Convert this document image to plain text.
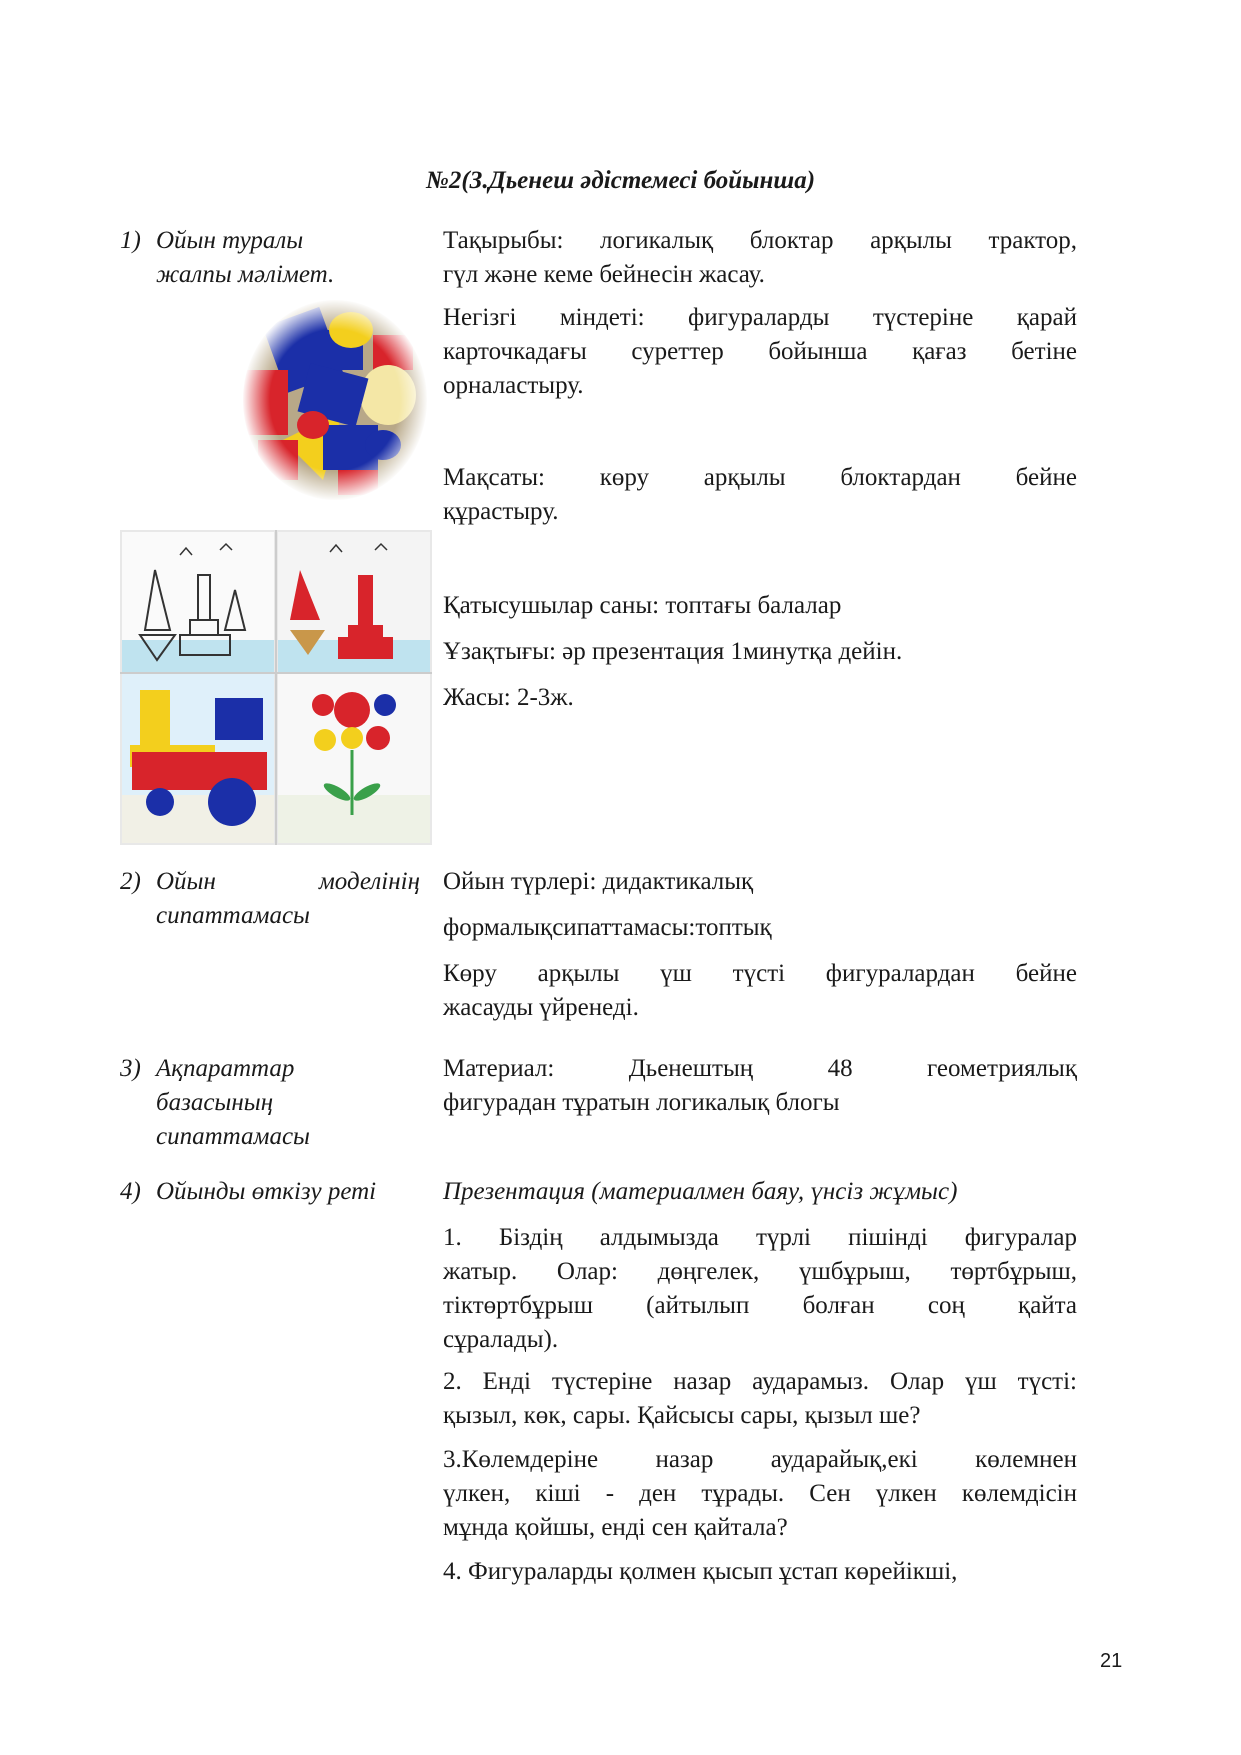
№2(З.Дьенеш әдістемесі бойынша)
1) Ойын туралы
жалпы мәлімет.
Тақырыбы: логикалық блоктар арқылы трактор,
гүл және кеме бейнесін жасау.
Негізгі міндеті: фигураларды түстеріне қарай
карточкадағы суреттер бойынша қағаз бетіне
орналастыру.
Мақсаты: көру арқылы блоктардан бейне
құрастыру.
Қатысушылар саны: топтағы балалар
Ұзақтығы: әр презентация 1минутқа дейін.
Жасы: 2-3ж.
2) Ойын моделінің
сипаттамасы
Ойын түрлері: дидактикалық
формалықсипаттамасы:топтық
Көру арқылы үш түсті фигуралардан бейне
жасауды үйренеді.
3) Ақпараттар
базасының
сипаттамасы
Материал: Дьенештың 48 геометриялық
фигурадан тұратын логикалық блогы
4) Ойынды өткізу реті	Презентация (материалмен баяу, үнсіз жұмыс)
1. Біздің алдымызда түрлі пішінді фигуралар
жатыр. Олар: дөңгелек, үшбұрыш, төртбұрыш,
тіктөртбұрыш (айтылып болған соң қайта
сұралады).
2. Енді түстеріне назар аударамыз. Олар үш түсті:
қызыл, көк, сары. Қайсысы сары, қызыл ше?
3.Көлемдеріне назар аударайық,екі көлемнен
үлкен, кіші - ден тұрады. Сен үлкен көлемдісін
мұнда қойшы, енді сен қайтала?
4. Фигураларды қолмен қысып ұстап көрейікші,
21
